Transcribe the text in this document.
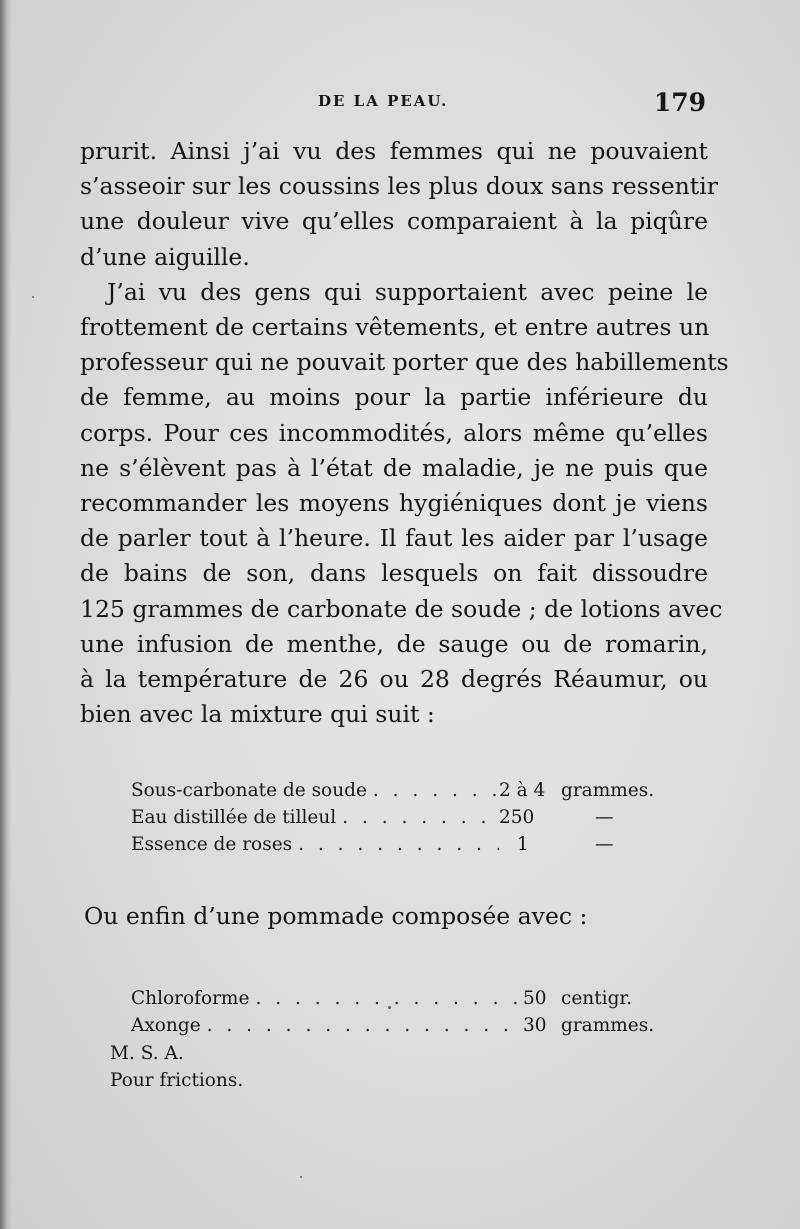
DE LA PEAU.	179

prurit. Ainsi j’ai vu des femmes qui ne pouvaient
s’asseoir sur les coussins les plus doux sans ressentir
une douleur vive qu’elles comparaient à la piqûre
d’une aiguille.

J’ai vu des gens qui supportaient avec peine le
frottement de certains vêtements, et entre autres un
professeur qui ne pouvait porter que des habillements
de femme, au moins pour la partie inférieure du
corps. Pour ces incommodités, alors même qu’elles
ne s’élèvent pas à l’état de maladie, je ne puis que
recommander les moyens hygiéniques dont je viens
de parler tout à l’heure. Il faut les aider par l’usage
de bains de son, dans lesquels on fait dissoudre
125 grammes de carbonate de soude ; de lotions avec
une infusion de menthe, de sauge ou de romarin,
à la température de 26 ou 28 degrés Réaumur, ou
bien avec la mixture qui suit :

Sous-carbonate de soude . . .	2 à 4 grammes.
Eau distillée de tilleul . . .	250	—
Essence de roses . . .	1	—
Ou enfin d’une pommade composée avec :
Chloroforme . . .	50 centigr.
Axonge . . .	30 grammes.
M. S. A.
Pour frictions.
